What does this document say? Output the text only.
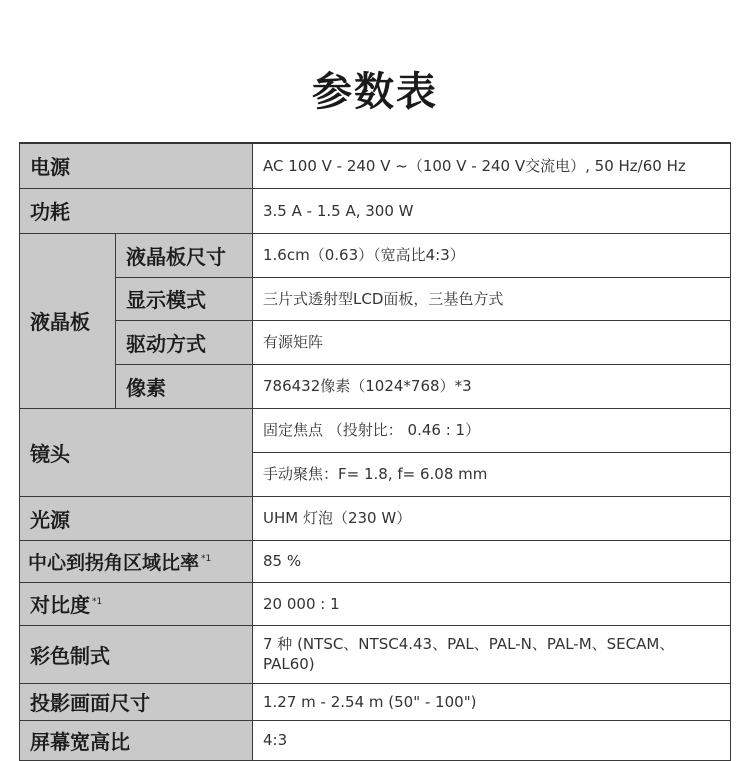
参数表
电源		AC 100 V - 240 V ~（100 V - 240 V交流电）, 50 Hz/60 Hz
功耗		3.5 A - 1.5 A, 300 W
液晶板	液晶板尺寸	1.6cm（0.63）（宽高比4:3）
	显示模式	三片式透射型LCD面板，三基色方式
	驱动方式	有源矩阵
	像素	786432像素（1024*768）*3
镜头		固定焦点 （投射比： 0.46 : 1）
		手动聚焦：F= 1.8, f= 6.08 mm
光源		UHM 灯泡（230 W）
中心到拐角区域比率 $^{*1}$		85 %
对比度 $^{*1}$		20 000 : 1
彩色制式		7 种 (NTSC、NTSC4.43、PAL、PAL-N、PAL-M、SECAM、PAL60)
投影画面尺寸		1.27 m - 2.54 m (50" - 100")
屏幕宽高比		4:3
